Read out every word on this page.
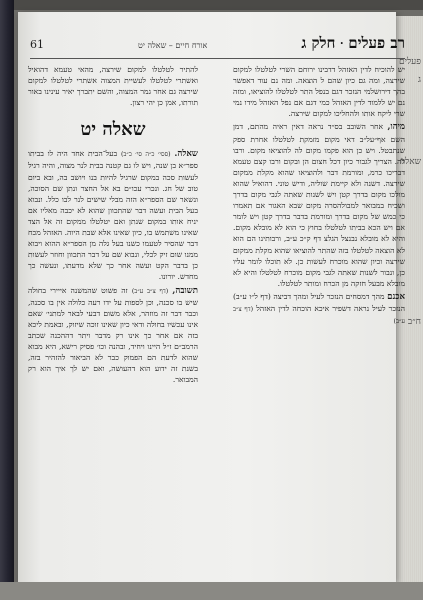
פעלים
ג
שאלה
ח״ב
61	אורח חיים – שאלה יט	רב פעלים·חלק ג

יש להוכיח לדין האזהל דדבינו ירוחם השרי לטלטלו למקום שירצה, ומה גם כיון שהם ל הוצאה. ומה נם עוד דאפשר בהך דירושלמי הנזכר דגם בנפל התר לטלטלו להוציאו, ומזה נם יש ללמוד לדין האזהל כמי דגם אם נפל האזהל מידו נמי שרי ליקח אותו ולהחליכו למקום שירצה.

מיהו, אחר השובב בס״ד נראה דאין ראיה מהתם, דמן השם אף״על״ב דאי מקום מזמקת לטלטלו אחרת ספק שנתבטל. ויש כן הוא פקמו מקום לה להוציאו מקום. ורבו לה. הצריך לגבור כיון דכל חצום הן ובקום ורבו קצם טעמא דבריכו כרמ, ומורמת דבר ולהוציאו שהוא מקלת ממקום שירצה. דשנה ולא קיימת שוליה, ודיש טוני. דהואיל שהוא מולכו מקום בדרך קטן ויש לשנות שאתה לגבי מקום בדרך ושכיח במבואר למבולהסרה מקום שבא האגור אם תאמרו כי כמש של מקום בדרך ומורמת בדבר בדרך קטן ויש לומר אם ויש הכא בביתו לטלטלו בחוץ כי הוא לא מובלא מקום. והיא לא מובלא נבנצל הגלצ דף ק״כ ע״ב, ורבותינו הם הוא לא הוצאה לטלטלו בזה שהתר להוציאו שהוא מקלת ממקום שירצה וכיון שהוא מוכרח לעשות כן. לא תוכלו לומר עליו כן, ונבור לשנות שאתה לגבי מקום מוכרח לטלטלו והיא לא מובלא מבעל חזקה מן הכרח ומותר לטלטלו.

אכנם מהך דמסחים הנזכר לעיל ומהך דביצה (דף ל״ו ע״ב) הנזכר לעיל נראה דשפיר איכא הוכחה לדין האזהל (דף צ״ב ע״ב)

להתיר לטלטלו למקום שירצה, מהאי טעמא דהואיל ואשתרי לטלטלו לעשיית המצוה אשתרי לטלטלו למקום שירצה גם אחר גמר המצוה, והשם יתברך יאיר עינינו באור תורתו, אמן כן יהי רצון.

שאלה יט

שאלה. (ססי׳ כ״ה סי׳ כ״ב) בעל־הבית אחד היה לו בביתו ספר״א בן שנה, ויש לו גם קטנה בבית לנר מצוה, והיה רגיל לעשות סכה במקום שרגיל להיות בנו ויושב בה, ובא ביום טוב של חג. ונכרי עכו״ם בא אל החצר ונתן שם הסוכה, ונשאר שם הספר״א הזה מבלי שישים לנר לבו כלל. ונבוא בעל הבית ועשה דבר שהתכוון שהוא לא יכבה מאליו אם יניח אותו במקום שנתן ואם יטלטלו ממקום זה אל הצד שאינו משתמש בו, כיון שאינו אלא שבת היוה. האזהל מכח דבר שהסיר לטעמו כשנו בעל גלה מן הספר״א ההוא ויבוא ממנו שום זיק לכלי, ונבוא שם על דבר התכוון וחוזר לעשות כן בדבר הקט ועשה אחר כך שלא מדעתו, ונעשה כך מחדש. יורונו.

תשובה, (דף צ״ב ע״ב) זה פשוט שהמשנה אייירי בחולה שיש בו סכנה, וכן לספות על ידו רעה כלולה אין בו סכנה, וכבר דבר זה מוזהר, אלא משום דבעי לבאר למתני׳ שאם אינו עכשיו בחולה ודאי כיון שאינו זוכה שיזוק, ובאמת ליכא בזה אם אחר כך אינו רק מדבר ויתר דההכנה שכתב הרמב״ם ז״ל היינו ויחיד, ובהנה וכו׳ פסיק רישא, היא מבוא שהוא לדעת הם הפמוק כבר לא הביאור להזהיר בזה, בשנת זה ידוע הוא דהעושה, ואם יש לך איך הוא רק המבואר.
